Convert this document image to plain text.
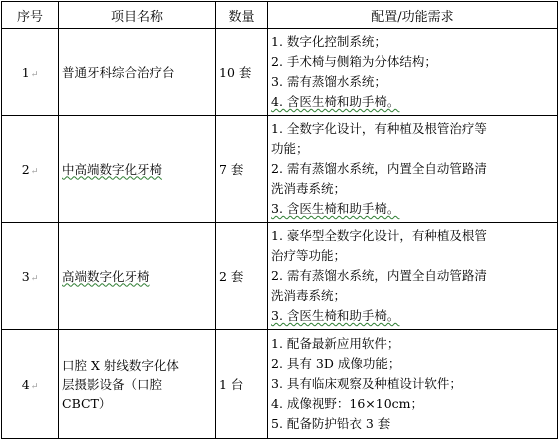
序号	项目名称	数量	配置/功能需求
1↵	普通牙科综合治疗台	10 套	1. 数字化控制系统；
2. 手术椅与侧箱为分体结构；
3. 需有蒸馏水系统；
4. 含医生椅和助手椅。

2↵	中高端数字化牙椅	7 套	1. 全数字化设计，有种植及根管治疗等
功能；
2. 需有蒸馏水系统，内置全自动管路清
洗消毒系统；
3. 含医生椅和助手椅。

3↵	高端数字化牙椅	2 套	1. 豪华型全数字化设计，有种植及根管
治疗等功能；
2. 需有蒸馏水系统，内置全自动管路清
洗消毒系统；
3. 含医生椅和助手椅。

4↵	口腔 X 射线数字化体
层摄影设备（口腔
CBCT）	1 台	1. 配备最新应用软件；
2. 具有 3D 成像功能；
3. 具有临床观察及种植设计软件；
4. 成像视野：16×10cm；
5. 配备防护铅衣 3 套
